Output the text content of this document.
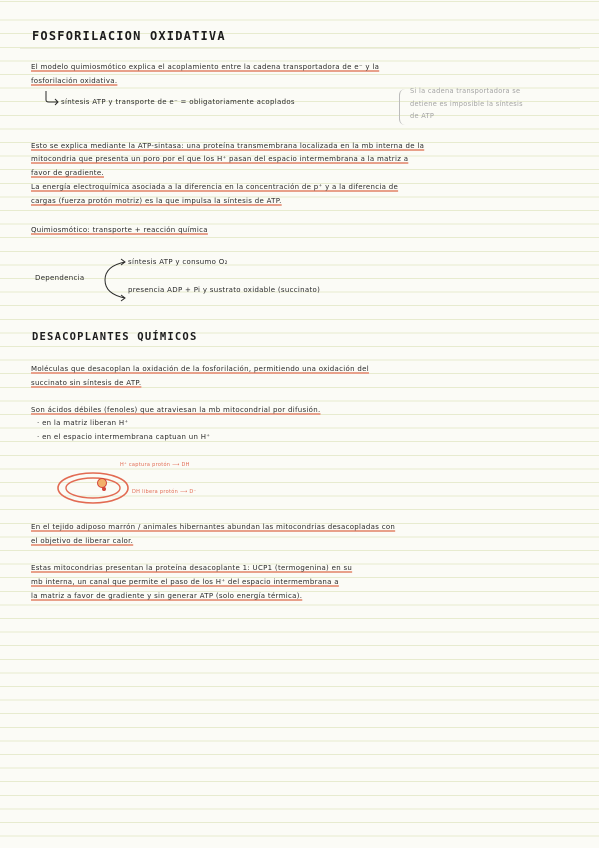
FOSFORILACION OXIDATIVA
El modelo quimiosmótico explica el acoplamiento entre la cadena transportadora de e⁻ y la
fosforilación oxidativa.
síntesis ATP y transporte de e⁻ = obligatoriamente acoplados
Si la cadena transportadora se
detiene es imposible la síntesis
de ATP
Esto se explica mediante la ATP-sintasa: una proteína transmembrana localizada en la mb interna de la
mitocondria que presenta un poro por el que los H⁺ pasan del espacio intermembrana a la matriz a
favor de gradiente.
La energía electroquímica asociada a la diferencia en la concentración de p⁺ y a la diferencia de
cargas (fuerza protón motriz) es la que impulsa la síntesis de ATP.
Quimiosmótico: transporte + reacción química
Dependencia
síntesis ATP y consumo O₂
presencia ADP + Pi y sustrato oxidable (succinato)
DESACOPLANTES QUÍMICOS
Moléculas que desacoplan la oxidación de la fosforilación, permitiendo una oxidación del
succinato sin síntesis de ATP.
Son ácidos débiles (fenoles) que atraviesan la mb mitocondrial por difusión.
· en la matriz liberan H⁺
· en el espacio intermembrana captuan un H⁺
H⁺ captura protón ⟶ DH
DH libera protón ⟶ D⁻
En el tejido adiposo marrón / animales hibernantes abundan las mitocondrias desacopladas con
el objetivo de liberar calor.
Estas mitocondrias presentan la proteína desacoplante 1: UCP1 (termogenina) en su
mb interna, un canal que permite el paso de los H⁺ del espacio intermembrana a
la matriz a favor de gradiente y sin generar ATP (solo energía térmica).
